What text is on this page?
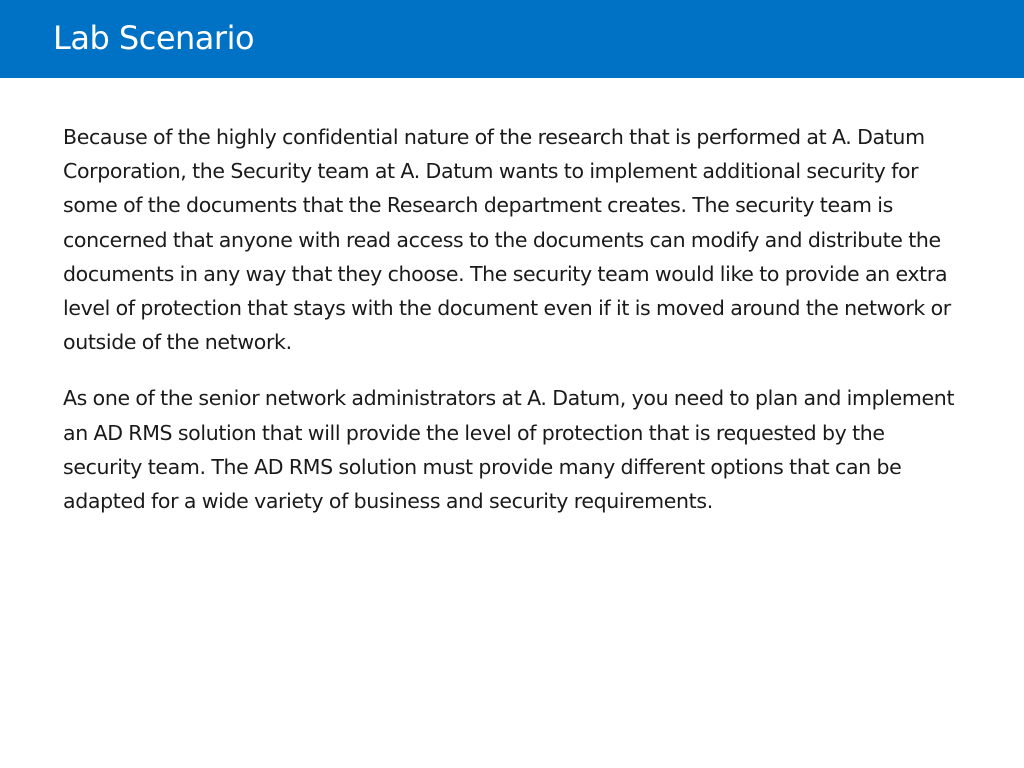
Lab Scenario

Because of the highly confidential nature of the research that is performed at A. Datum Corporation, the Security team at A. Datum wants to implement additional security for some of the documents that the Research department creates. The security team is concerned that anyone with read access to the documents can modify and distribute the documents in any way that they choose. The security team would like to provide an extra level of protection that stays with the document even if it is moved around the network or outside of the network.

As one of the senior network administrators at A. Datum, you need to plan and implement an AD RMS solution that will provide the level of protection that is requested by the security team. The AD RMS solution must provide many different options that can be adapted for a wide variety of business and security requirements.
